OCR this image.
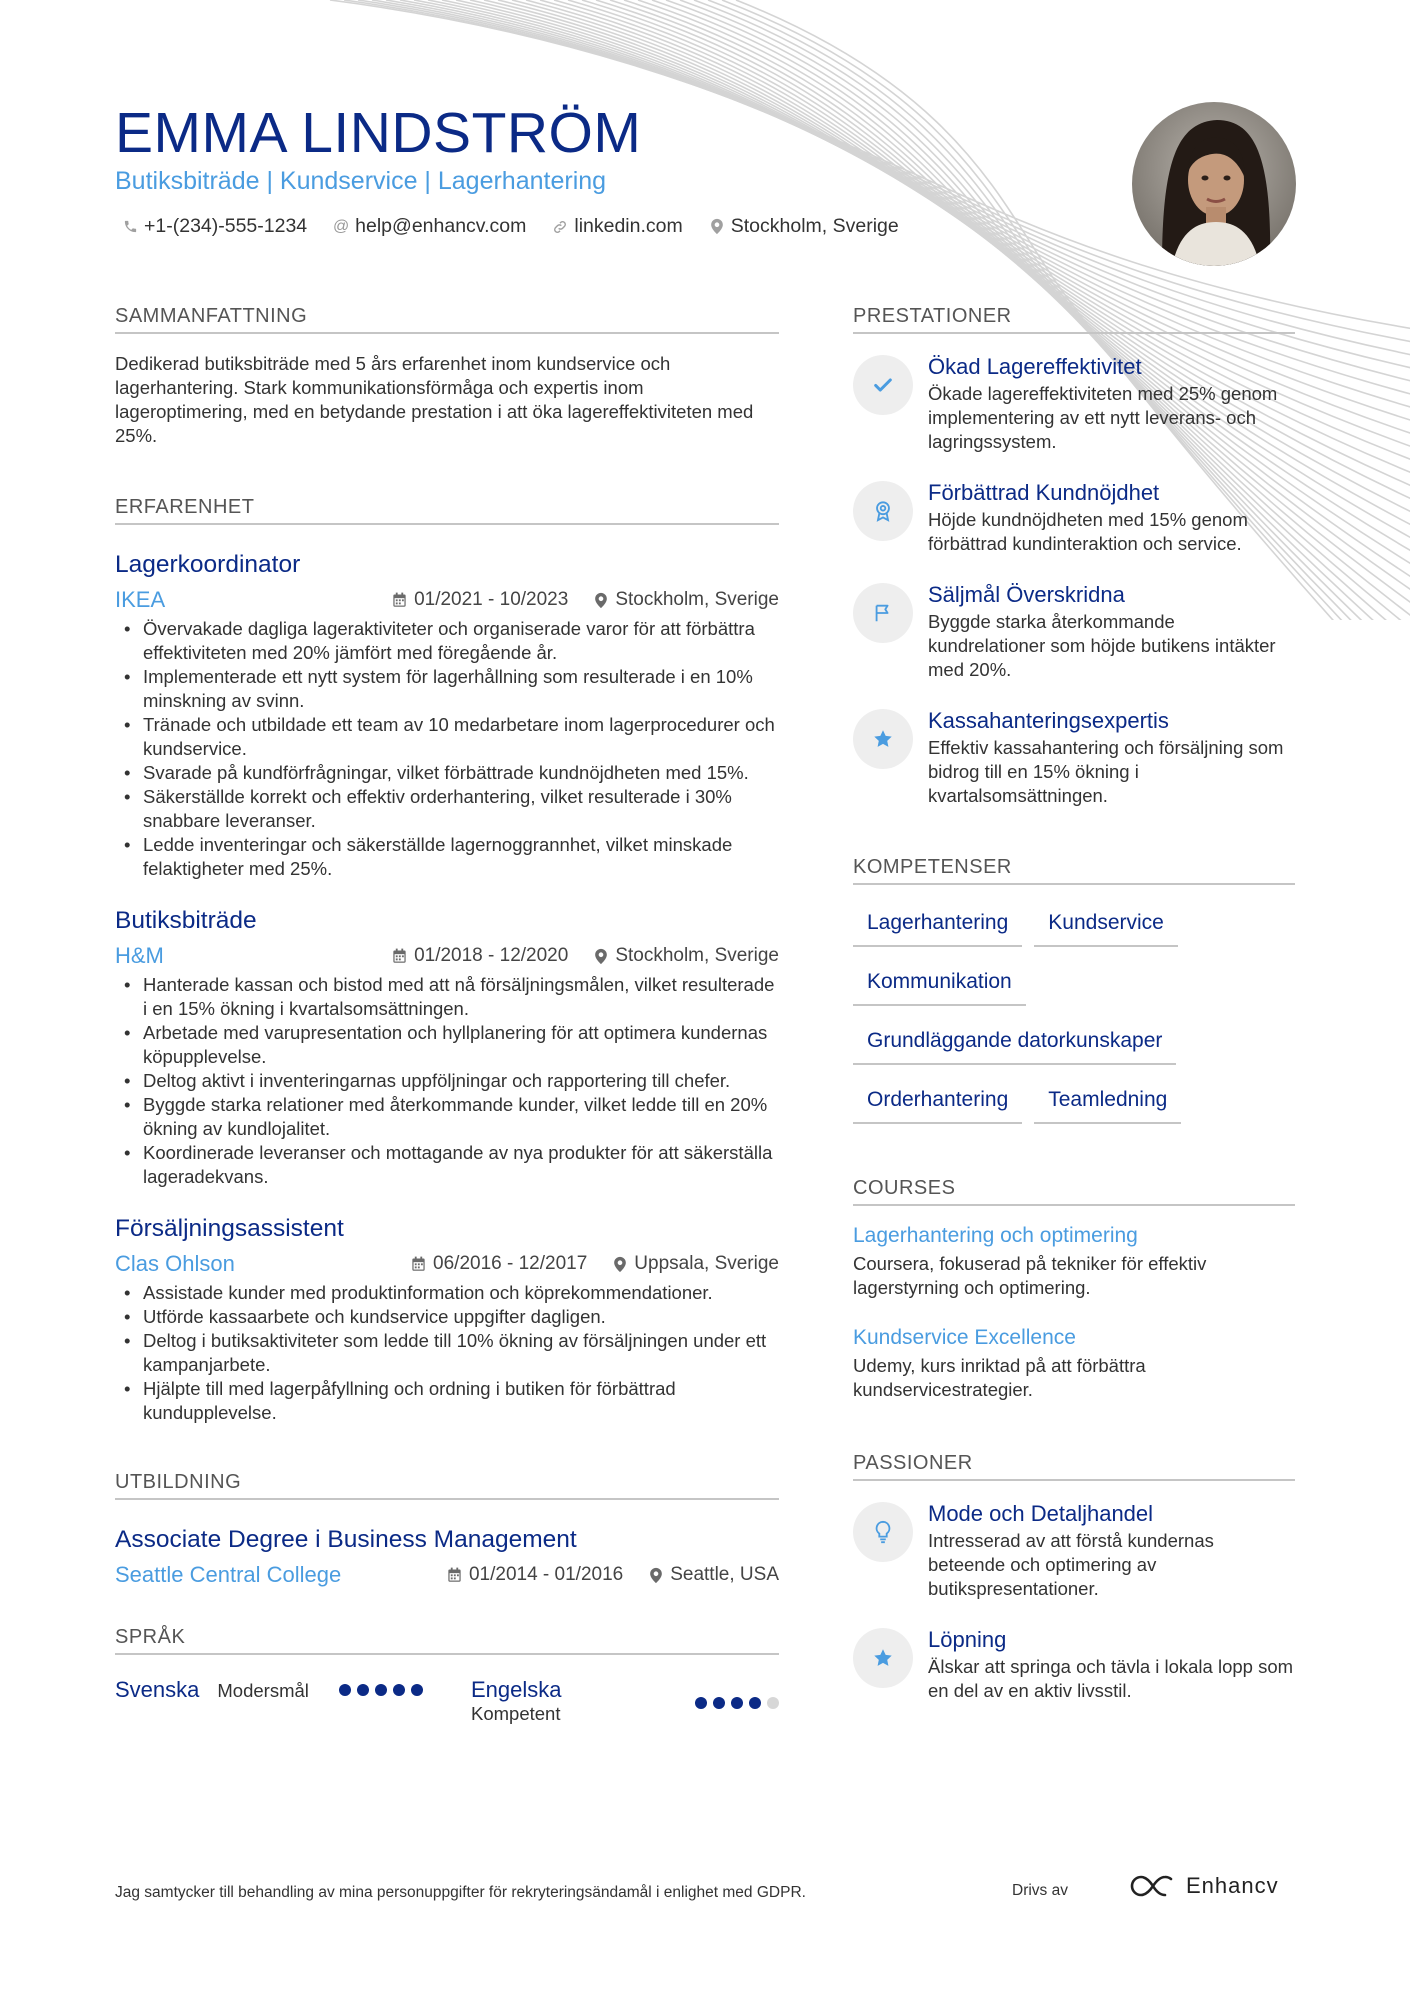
EMMA LINDSTRÖM
Butiksbiträde | Kundservice | Lagerhantering
+1-(234)-555-1234 @ help@enhancv.com linkedin.com Stockholm, Sverige
SAMMANFATTNING

Dedikerad butiksbiträde med 5 års erfarenhet inom kundservice och lagerhantering. Stark kommunikationsförmåga och expertis inom lageroptimering, med en betydande prestation i att öka lagereffektiviteten med 25%.

ERFARENHET
Lagerkoordinator
IKEA	01/2021 - 10/2023 Stockholm, Sverige
• Övervakade dagliga lageraktiviteter och organiserade varor för att förbättra effektiviteten med 20% jämfört med föregående år.
• Implementerade ett nytt system för lagerhållning som resulterade i en 10% minskning av svinn.
• Tränade och utbildade ett team av 10 medarbetare inom lagerprocedurer och kundservice.
• Svarade på kundförfrågningar, vilket förbättrade kundnöjdheten med 15%.
• Säkerställde korrekt och effektiv orderhantering, vilket resulterade i 30% snabbare leveranser.
• Ledde inventeringar och säkerställde lagernoggrannhet, vilket minskade felaktigheter med 25%.
Butiksbiträde
H&M	01/2018 - 12/2020 Stockholm, Sverige
• Hanterade kassan och bistod med att nå försäljningsmålen, vilket resulterade i en 15% ökning i kvartalsomsättningen.
• Arbetade med varupresentation och hyllplanering för att optimera kundernas köpupplevelse.
• Deltog aktivt i inventeringarnas uppföljningar och rapportering till chefer.
• Byggde starka relationer med återkommande kunder, vilket ledde till en 20% ökning av kundlojalitet.
• Koordinerade leveranser och mottagande av nya produkter för att säkerställa lageradekvans.
Försäljningsassistent
Clas Ohlson	06/2016 - 12/2017 Uppsala, Sverige
• Assistade kunder med produktinformation och köprekommendationer.
• Utförde kassaarbete och kundservice uppgifter dagligen.
• Deltog i butiksaktiviteter som ledde till 10% ökning av försäljningen under ett kampanjarbete.
• Hjälpte till med lagerpåfyllning och ordning i butiken för förbättrad kundupplevelse.
UTBILDNING
Associate Degree i Business Management
Seattle Central College	01/2014 - 01/2016 Seattle, USA
SPRÅK
Svenska Modersmål	Engelska
Kompetent
PRESTATIONER
Ökad Lagereffektivitet
Ökade lagereffektiviteten med 25% genom implementering av ett nytt leverans- och lagringssystem.
Förbättrad Kundnöjdhet
Höjde kundnöjdheten med 15% genom förbättrad kundinteraktion och service.
Säljmål Överskridna
Byggde starka återkommande kundrelationer som höjde butikens intäkter med 20%.
Kassahanteringsexpertis
Effektiv kassahantering och försäljning som bidrog till en 15% ökning i kvartalsomsättningen.
KOMPETENSER
Lagerhantering	Kundservice
Kommunikation
Grundläggande datorkunskaper
Orderhantering	Teamledning
COURSES
Lagerhantering och optimering
Coursera, fokuserad på tekniker för effektiv lagerstyrning och optimering.
Kundservice Excellence
Udemy, kurs inriktad på att förbättra kundservicestrategier.
PASSIONER
Mode och Detaljhandel
Intresserad av att förstå kundernas beteende och optimering av butikspresentationer.
Löpning
Älskar att springa och tävla i lokala lopp som en del av en aktiv livsstil.
Jag samtycker till behandling av mina personuppgifter för rekryteringsändamål i enlighet med GDPR.	Drivs av	Enhancv
